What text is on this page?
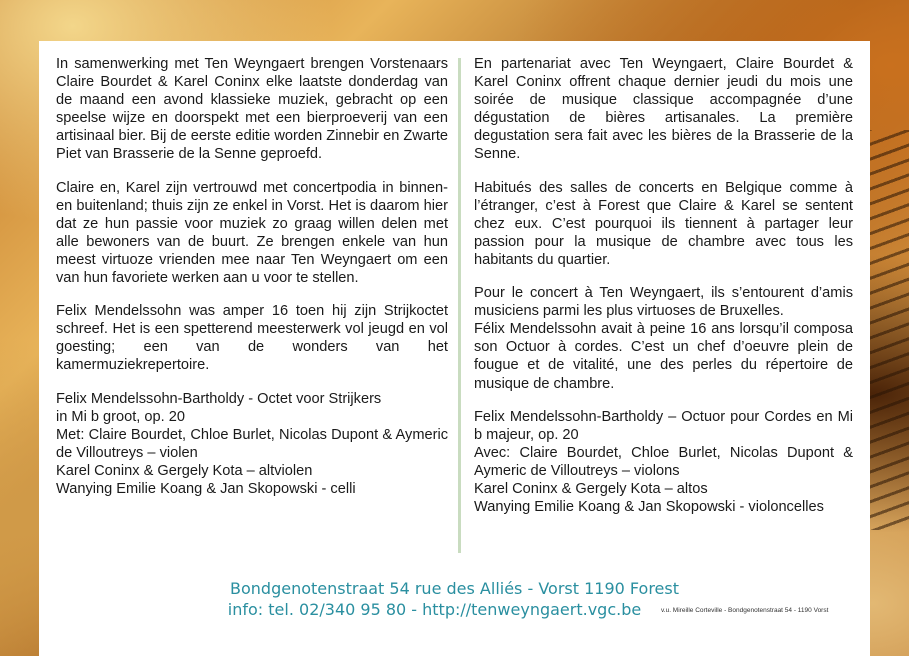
In samenwerking met Ten Weyngaert brengen Vorstenaars Claire Bourdet & Karel Coninx elke laatste donderdag van de maand een avond klassieke muziek, gebracht op een speelse wijze en doorspekt met een bierproeverij van een artisinaal bier. Bij de eerste editie worden Zinnebir en Zwarte Piet van Brasserie de la Senne geproefd.

Claire en, Karel zijn vertrouwd met concertpodia in binnen- en buitenland; thuis zijn ze enkel in Vorst. Het is daarom hier dat ze hun passie voor muziek zo graag willen delen met alle bewoners van de buurt. Ze brengen enkele van hun meest virtuoze vrienden mee naar Ten Weyngaert om een van hun favoriete werken aan u voor te stellen.

Felix Mendelssohn was amper 16 toen hij zijn Strijkoctet schreef. Het is een spetterend meesterwerk vol jeugd en vol goesting; een van de wonders van het kamermuziekrepertoire.

Felix Mendelssohn-Bartholdy - Octet voor Strijkers
in Mi b groot, op. 20
Met: Claire Bourdet, Chloe Burlet, Nicolas Dupont & Aymeric de Villoutreys – violen
Karel Coninx & Gergely Kota – altviolen
Wanying Emilie Koang & Jan Skopowski - celli

En partenariat avec Ten Weyngaert, Claire Bourdet & Karel Coninx offrent chaque dernier jeudi du mois une soirée de musique classique accompagnée d’une dégustation de bières artisanales. La première degustation sera fait avec les bières de la Brasserie de la Senne.

Habitués des salles de concerts en Belgique comme à l’étranger, c’est à Forest que Claire & Karel se sentent chez eux. C’est pourquoi ils tiennent à partager leur passion pour la musique de chambre avec tous les habitants du quartier.

Pour le concert à Ten Weyngaert, ils s’entourent d’amis musiciens parmi les plus virtuoses de Bruxelles.
Félix Mendelssohn avait à peine 16 ans lorsqu’il composa son Octuor à cordes. C’est un chef d’oeuvre plein de fougue et de vitalité, une des perles du répertoire de musique de chambre.

Felix Mendelssohn-Bartholdy – Octuor pour Cordes en Mi b majeur, op. 20
Avec: Claire Bourdet, Chloe Burlet, Nicolas Dupont & Aymeric de Villoutreys – violons
Karel Coninx & Gergely Kota – altos
Wanying Emilie Koang & Jan Skopowski - violoncelles

Bondgenotenstraat 54 rue des Alliés - Vorst 1190 Forest
info: tel. 02/340 95 80 - http://tenweyngaert.vgc.be	v.u. Mireille Corteville - Bondgenotenstraat 54 - 1190 Vorst
